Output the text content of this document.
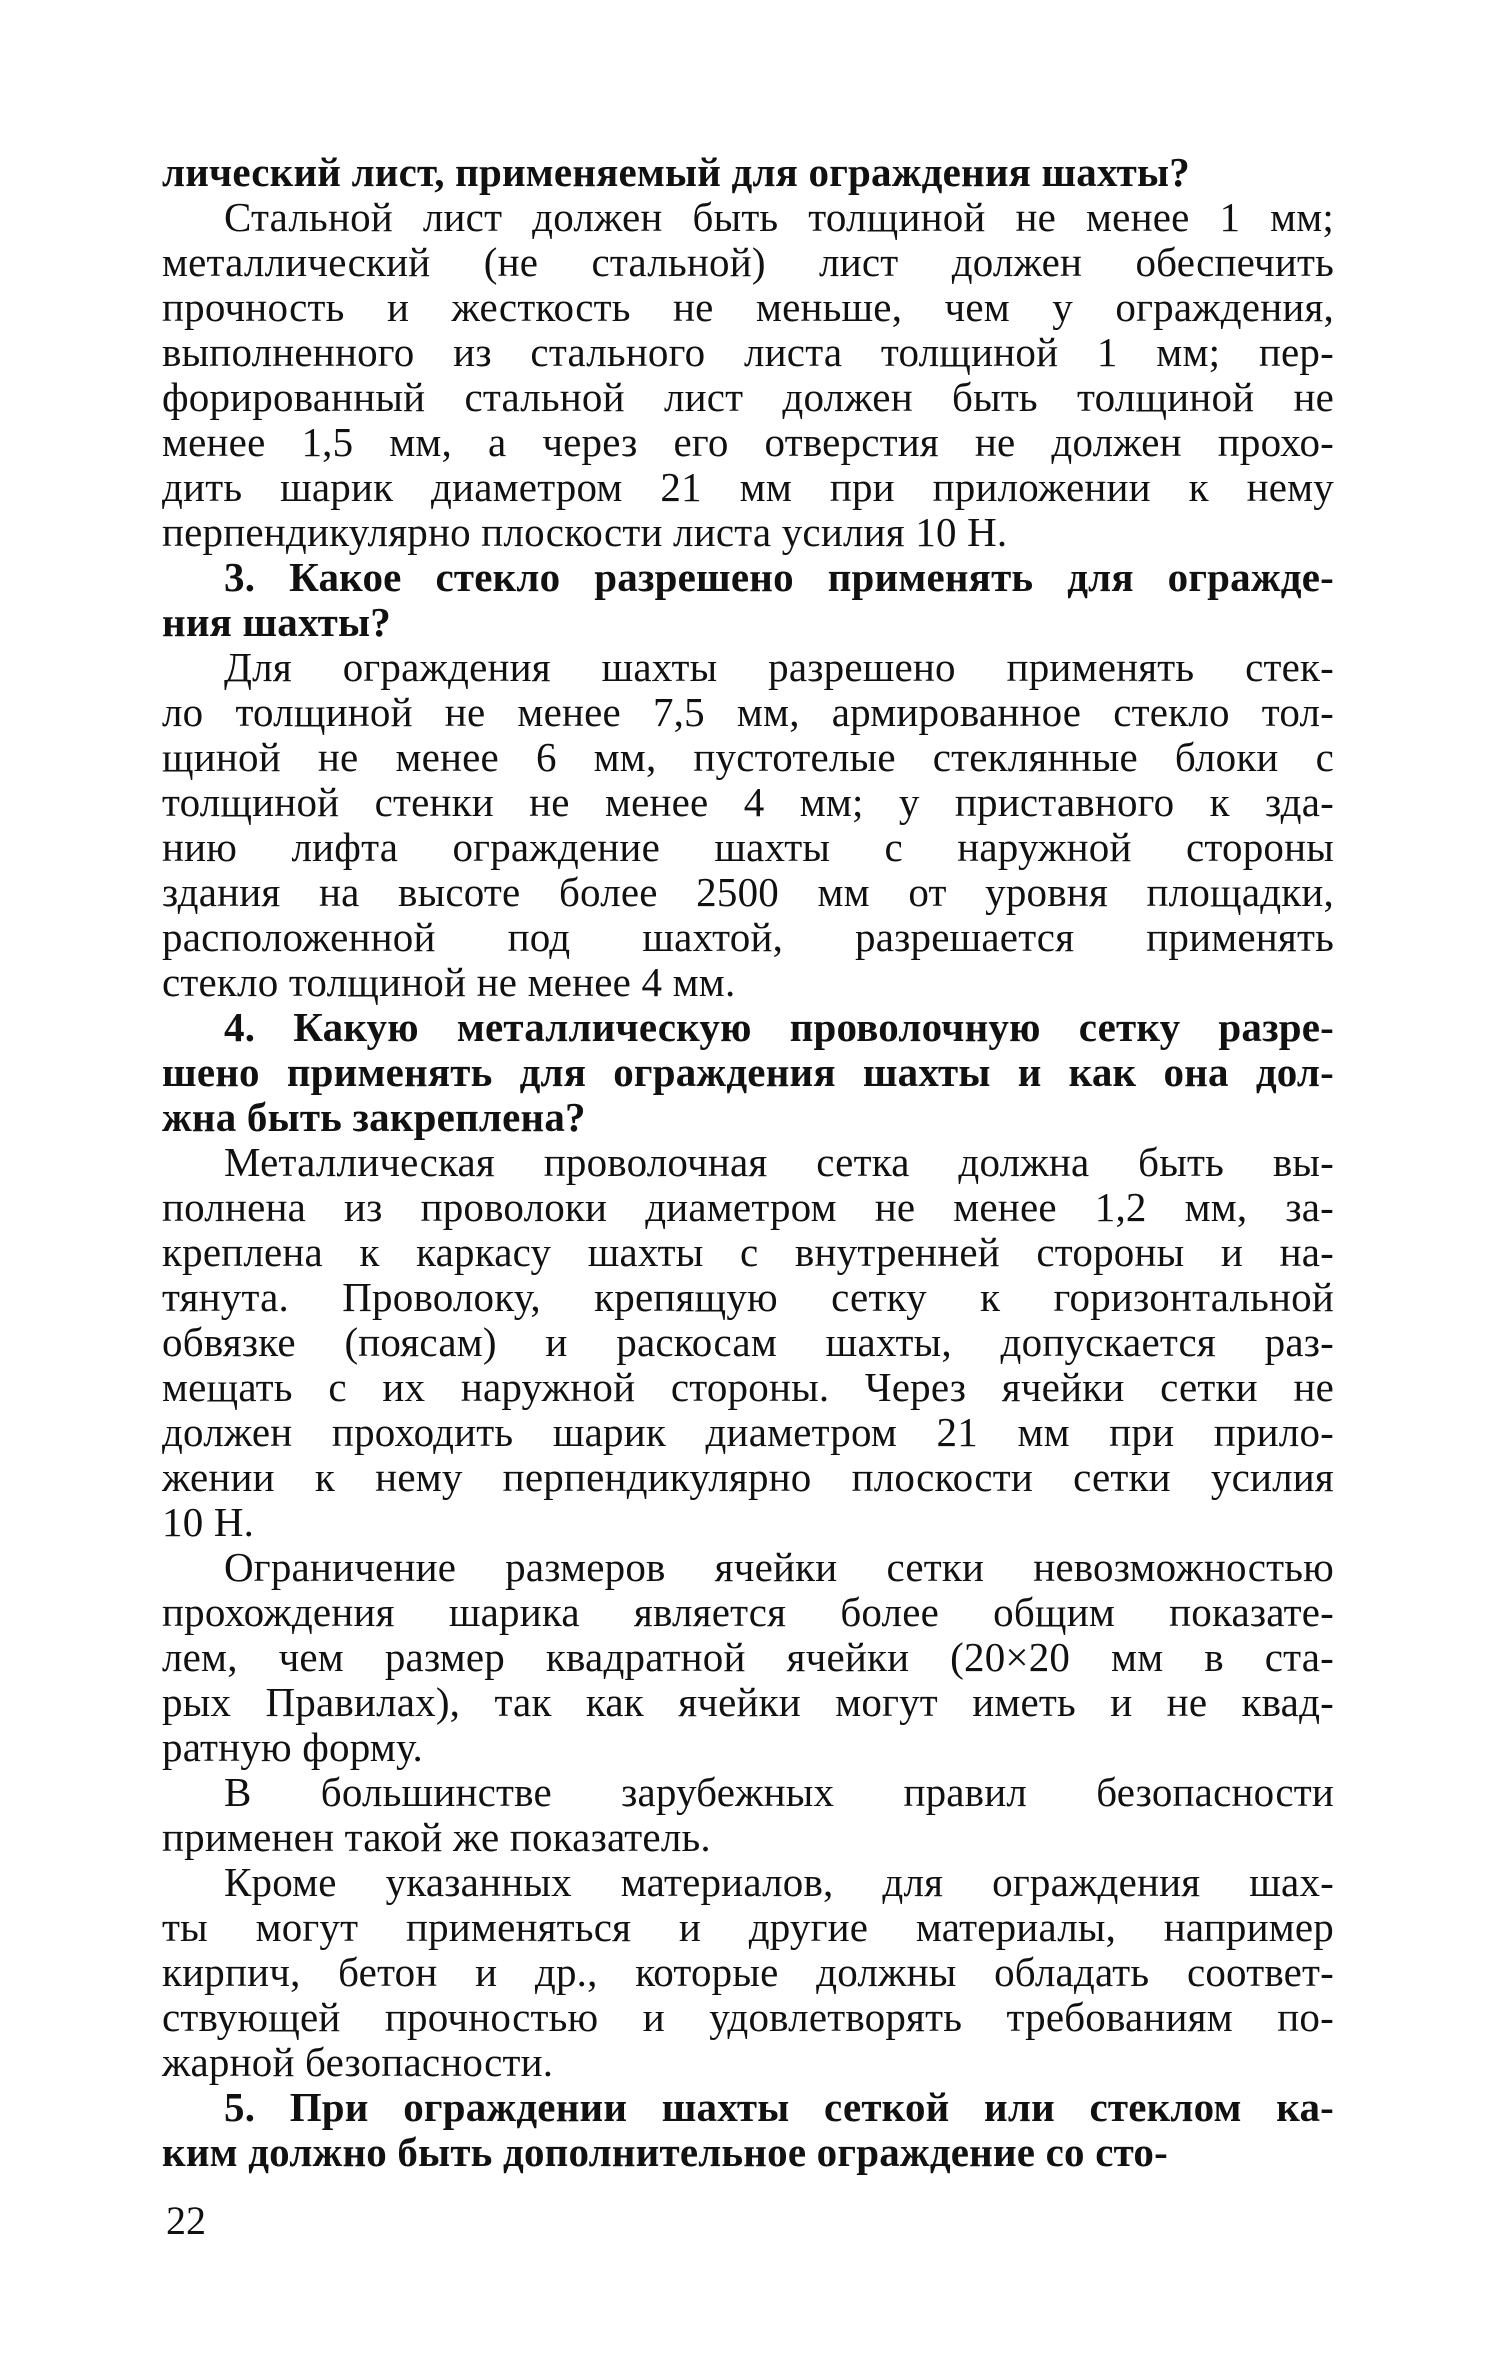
лический лист, применяемый для ограждения шахты?
Стальной лист должен быть толщиной не менее 1 мм;
металлический (не стальной) лист должен обеспечить
прочность и жесткость не меньше, чем у ограждения,
выполненного из стального листа толщиной 1 мм; пер-
форированный стальной лист должен быть толщиной не
менее 1,5 мм, а через его отверстия не должен прохо-
дить шарик диаметром 21 мм при приложении к нему
перпендикулярно плоскости листа усилия 10 Н.
3. Какое стекло разрешено применять для огражде-
ния шахты?
Для ограждения шахты разрешено применять стек-
ло толщиной не менее 7,5 мм, армированное стекло тол-
щиной не менее 6 мм, пустотелые стеклянные блоки с
толщиной стенки не менее 4 мм; у приставного к зда-
нию лифта ограждение шахты с наружной стороны
здания на высоте более 2500 мм от уровня площадки,
расположенной под шахтой, разрешается применять
стекло толщиной не менее 4 мм.
4. Какую металлическую проволочную сетку разре-
шено применять для ограждения шахты и как она дол-
жна быть закреплена?
Металлическая проволочная сетка должна быть вы-
полнена из проволоки диаметром не менее 1,2 мм, за-
креплена к каркасу шахты с внутренней стороны и на-
тянута. Проволоку, крепящую сетку к горизонтальной
обвязке (поясам) и раскосам шахты, допускается раз-
мещать с их наружной стороны. Через ячейки сетки не
должен проходить шарик диаметром 21 мм при прило-
жении к нему перпендикулярно плоскости сетки усилия
10 Н.
Ограничение размеров ячейки сетки невозможностью
прохождения шарика является более общим показате-
лем, чем размер квадратной ячейки (20×20 мм в ста-
рых Правилах), так как ячейки могут иметь и не квад-
ратную форму.
В большинстве зарубежных правил безопасности
применен такой же показатель.
Кроме указанных материалов, для ограждения шах-
ты могут применяться и другие материалы, например
кирпич, бетон и др., которые должны обладать соответ-
ствующей прочностью и удовлетворять требованиям по-
жарной безопасности.
5. При ограждении шахты сеткой или стеклом ка-
ким должно быть дополнительное ограждение со сто-
22
